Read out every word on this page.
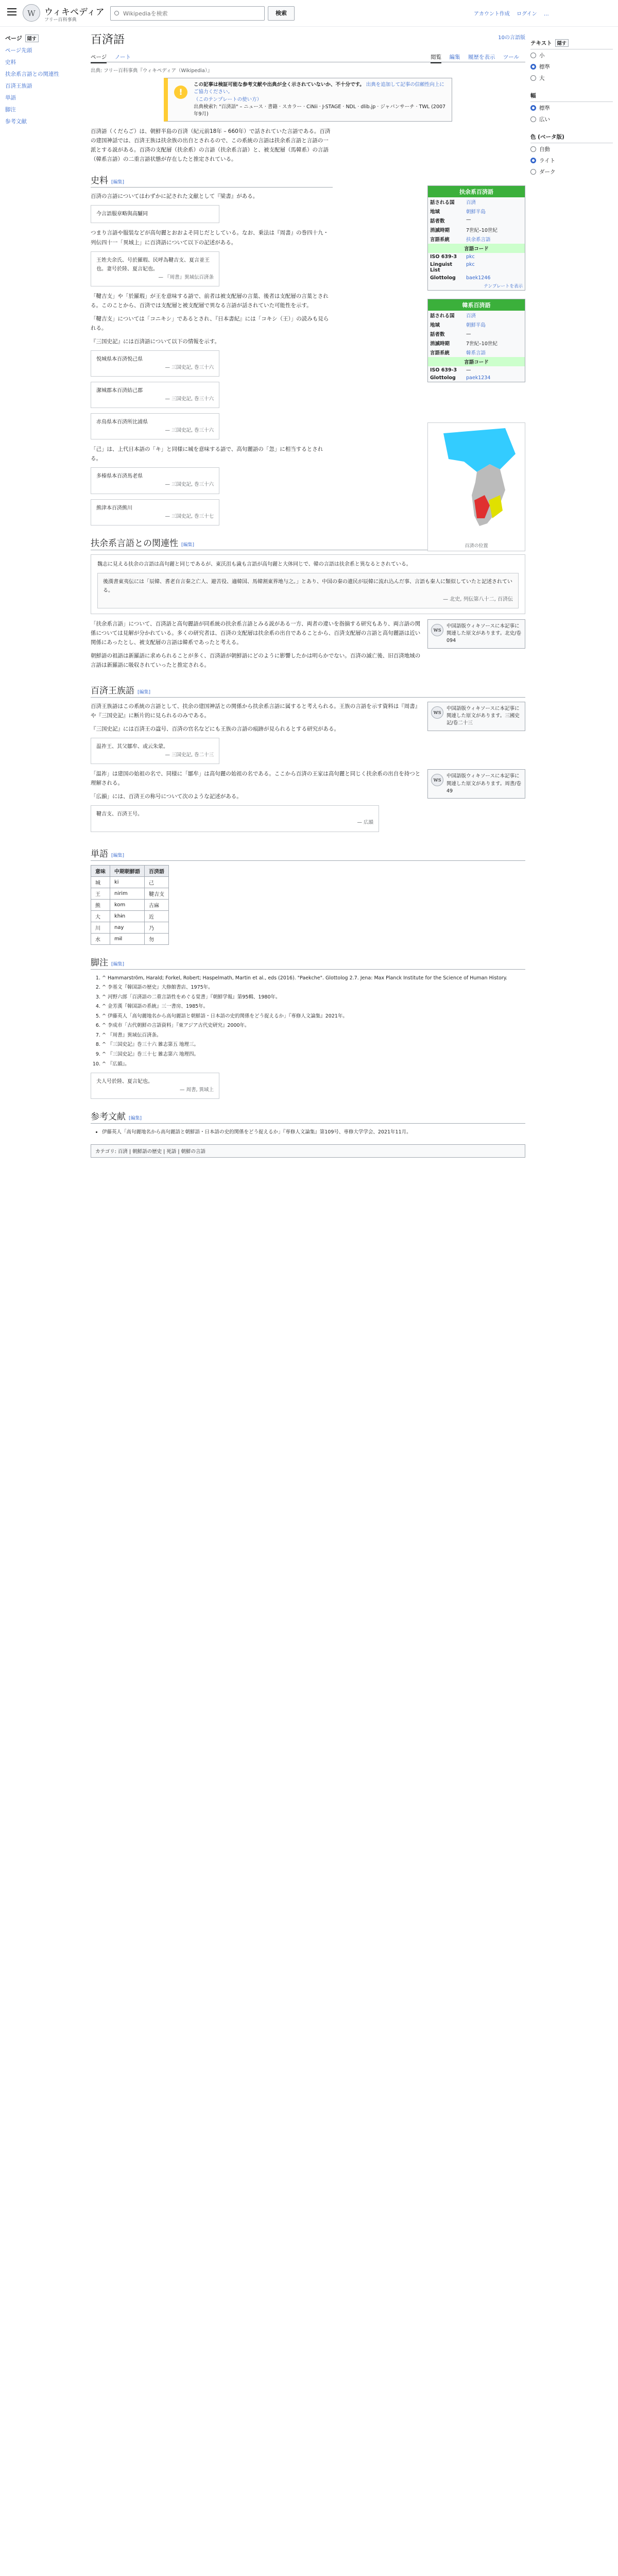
W	ウィキペディア
フリー百科事典
Wikipediaを検索
検索	アカウント作成 ログイン …
ページ 隠す
ページ先頭
史料
扶余系言語との関連性
百済王族語
単語
脚注
参考文献
テキスト 隠す
小
標準
大
幅
標準
広い
色 (ベータ版)
自動
ライト
ダーク
百済語	10の言語版
ページ ノート	閲覧 編集 履歴を表示 ツール
出典: フリー百科事典『ウィキペディア（Wikipedia）』
!
この記事は検証可能な参考文献や出典が全く示されていないか、不十分です。 出典を追加して記事の信頼性向上にご協力ください。
（このテンプレートの使い方）
出典検索?: "百済語" – ニュース · 書籍 · スカラー · CiNii · J-STAGE · NDL · dlib.jp · ジャパンサーチ · TWL (2007年9月)

百済語（くだらご）は、朝鮮半島の百済（紀元前18年 – 660年）で話されていた言語である。百済の建国神話では、百済王族は扶余族の出自とされるので、この系統の言語は扶余系言語と言語の一派とする説がある。百済の支配層（扶余系）の言語（扶余系言語）と、被支配層（馬韓系）の言語（韓系言語）の二重言語状態が存在したと推定されている。

史料 [編集]

百済の言語についてはわずかに記された文献として『梁書』がある。

今言語服章略與高驪同

つまり言語や服装などが高句麗とおおよそ同じだとしている。なお、乗法は『周書』の巻四十九・列伝四十一「異域上」に百済語について以下の記述がある。

王姓夫余氏、号於羅瑕、民呼為鞬吉支、夏言並王也。妻号於陸、夏言妃也。
— 『周書』異域伝百済条

「鞬吉支」や「於羅瑕」が王を意味する語で、前者は被支配層の言葉、後者は支配層の言葉とされる。このことから、百済では支配層と被支配層で異なる言語が話されていた可能性を示す。

「鞬吉支」については「コニキシ」であるとされ、『日本書紀』には「コキシ（王）」の読みも見られる。

『三国史記』には百済語について以下の情報を示す。

悦城県本百済悦己県
— 三国史記, 巻三十六
潔城郡本百済結己郡
— 三国史記, 巻三十六
赤鳥県本百済所比浦県
— 三国史記, 巻三十六

「己」は、上代日本語の「キ」と同様に城を意味する語で、高句麗語の「忽」に相当するとされる。

多榛県本百済馬老県
— 三国史記, 巻三十六
熊津本百済熊川
— 三国史記, 巻三十七
扶余系百済語
話される国	百済
地域	朝鮮半島
話者数	—
消滅時期	7世紀–10世紀
言語系統	扶余系言語
言語コード
ISO 639-3	pkc
Linguist List	pkc
Glottolog	baek1246
テンプレートを表示
韓系百済語
話される国	百済
地域	朝鮮半島
話者数	—
消滅時期	7世紀–10世紀
言語系統	韓系言語
言語コード
ISO 639-3	—
Glottolog	paek1234
百済の位置
扶余系言語との関連性 [編集]
魏志に見える扶余の言語は高句麗と同じであるが、東沃沮も濊も言語が高句麗と大体同じで、韓の言語は扶余系と異なるとされている。
後漢書東夷伝には「辰韓、耆老自言秦之亡人、避苦役、適韓国、馬韓割東界地与之。」とあり、中国の秦の遺民が辰韓に流れ込んだ事、言語も秦人に類似していたと記述されている。
— 北史, 列伝第八十二, 百済伝
ws
中国語版ウィキソースに本記事に関連した原文があります。北史/卷094

「扶余系言語」について、百済語と高句麗語が同系統の扶余系言語とみる説がある一方、両者の違いを指摘する研究もあり、両言語の関係については見解が分かれている。多くの研究者は、百済の支配層は扶余系の出自であることから、百済支配層の言語と高句麗語は近い関係にあったとし、被支配層の言語は韓系であったと考える。

朝鮮語の祖語は新羅語に求められることが多く、百済語が朝鮮語にどのように影響したかは明らかでない。百済の滅亡後、旧百済地域の言語は新羅語に吸収されていったと推定される。

百済王族語 [編集]
ws
中国語版ウィキソースに本記事に関連した原文があります。三國史記/卷二十三

百済王族語はこの系統の言語として、扶余の建国神話との関係から扶余系言語に属すると考えられる。王族の言語を示す資料は『周書』や『三国史記』に断片的に見られるのみである。

『三国史記』には百済王の諡号、百済の官名などにも王族の言語の痕跡が見られるとする研究がある。

温祚王、其父鄒牟、或云朱蒙。
— 三国史記, 巻二十三
ws
中国語版ウィキソースに本記事に関連した原文があります。周書/卷49

「温祚」は建国の始祖の名で、同様に「鄒牟」は高句麗の始祖の名である。ここから百済の王家は高句麗と同じく扶余系の出自を持つと理解される。

「広韻」には、百済王の称号について次のような記述がある。

鞬吉支、百済王号。
— 広韻
単語 [編集]
意味	中期朝鮮語	百済語
城	ki	己
王	nirim	鞬吉支
熊	kom	古麻
大	khɨn	近
川	nay	乃
水	mɨl	勿
脚注 [編集]
1. ^ Hammarström, Harald; Forkel, Robert; Haspelmath, Martin et al., eds (2016). "Paekche". Glottolog 2.7. Jena: Max Planck Institute for the Science of Human History.
2. ^ 李基文『韓国語の歴史』大修館書店、1975年。
3. ^ 河野六郎「百済語の二重言語性をめぐる覚書」『朝鮮学報』第95輯、1980年。
4. ^ 金芳漢『韓国語の系統』三一書房、1985年。
5. ^ 伊藤英人「高句麗地名から高句麗語と朝鮮語・日本語の史的関係をどう捉えるか」『専修人文論集』2021年。
6. ^ 李成市「古代朝鮮の言語資料」『東アジア古代史研究』2000年。
7. ^ 『周書』異域伝百済条。
8. ^ 『三国史記』巻三十六 雑志第五 地理三。
9. ^ 『三国史記』巻三十七 雑志第六 地理四。
10. ^ 『広韻』。
夫人号於陸、夏言妃也。
— 周書, 異域上
参考文献 [編集]
• 伊藤英人「高句麗地名から高句麗語と朝鮮語・日本語の史的関係をどう捉えるか」『専修人文論集』第109号、専修大学学会、2021年11月。
カテゴリ: 百済 | 朝鮮語の歴史 | 死語 | 朝鮮の言語
